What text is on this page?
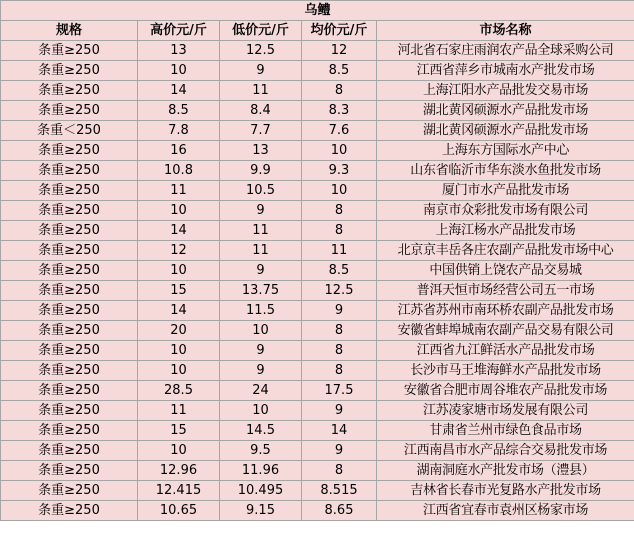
乌鳢				
规格	高价元/斤	低价元/斤	均价元/斤	市场名称
条重≥250	13	12.5	12	河北省石家庄雨润农产品全球采购公司
条重≥250	10	9	8.5	江西省萍乡市城南水产批发市场
条重≥250	14	11	8	上海江阳水产品批发交易市场
条重≥250	8.5	8.4	8.3	湖北黄冈硕源水产品批发市场
条重＜250	7.8	7.7	7.6	湖北黄冈硕源水产品批发市场
条重≥250	16	13	10	上海东方国际水产中心
条重≥250	10.8	9.9	9.3	山东省临沂市华东淡水鱼批发市场
条重≥250	11	10.5	10	厦门市水产品批发市场
条重≥250	10	9	8	南京市众彩批发市场有限公司
条重≥250	14	11	8	上海江杨水产品批发市场
条重≥250	12	11	11	北京京丰岳各庄农副产品批发市场中心
条重≥250	10	9	8.5	中国供销上饶农产品交易城
条重≥250	15	13.75	12.5	普洱天恒市场经营公司五一市场
条重≥250	14	11.5	9	江苏省苏州市南环桥农副产品批发市场
条重≥250	20	10	8	安徽省蚌埠城南农副产品交易有限公司
条重≥250	10	9	8	江西省九江鲜活水产品批发市场
条重≥250	10	9	8	长沙市马王堆海鲜水产品批发市场
条重≥250	28.5	24	17.5	安徽省合肥市周谷堆农产品批发市场
条重≥250	11	10	9	江苏凌家塘市场发展有限公司
条重≥250	15	14.5	14	甘肃省兰州市绿色食品市场
条重≥250	10	9.5	9	江西南昌市水产品综合交易批发市场
条重≥250	12.96	11.96	8	湖南洞庭水产批发市场（澧县）
条重≥250	12.415	10.495	8.515	吉林省长春市光复路水产批发市场
条重≥250	10.65	9.15	8.65	江西省宜春市袁州区杨家市场
